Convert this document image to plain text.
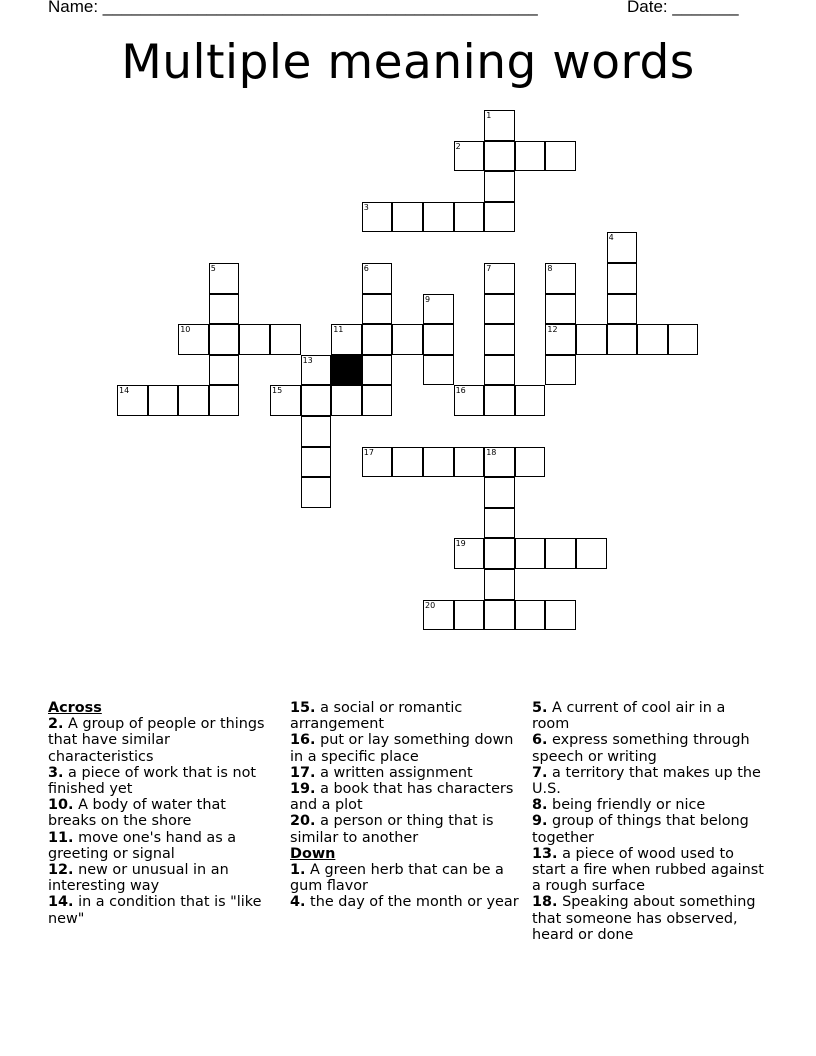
Name: ______________________________________________	Date: _______
Multiple meaning words
1
2
3
4
5	6	7	8
9
10	11	12
13
14	15	16
17	18
19
20
Across
2. A group of people or things that have similar characteristics
3. a piece of work that is not finished yet
10. A body of water that breaks on the shore
11. move one's hand as a greeting or signal
12. new or unusual in an interesting way
14. in a condition that is "like new"
15. a social or romantic arrangement
16. put or lay something down in a specific place
17. a written assignment
19. a book that has characters and a plot
20. a person or thing that is similar to another
Down
1. A green herb that can be a gum flavor
4. the day of the month or year
5. A current of cool air in a room
6. express something through speech or writing
7. a territory that makes up the U.S.
8. being friendly or nice
9. group of things that belong together
13. a piece of wood used to start a fire when rubbed against a rough surface
18. Speaking about something that someone has observed, heard or done
